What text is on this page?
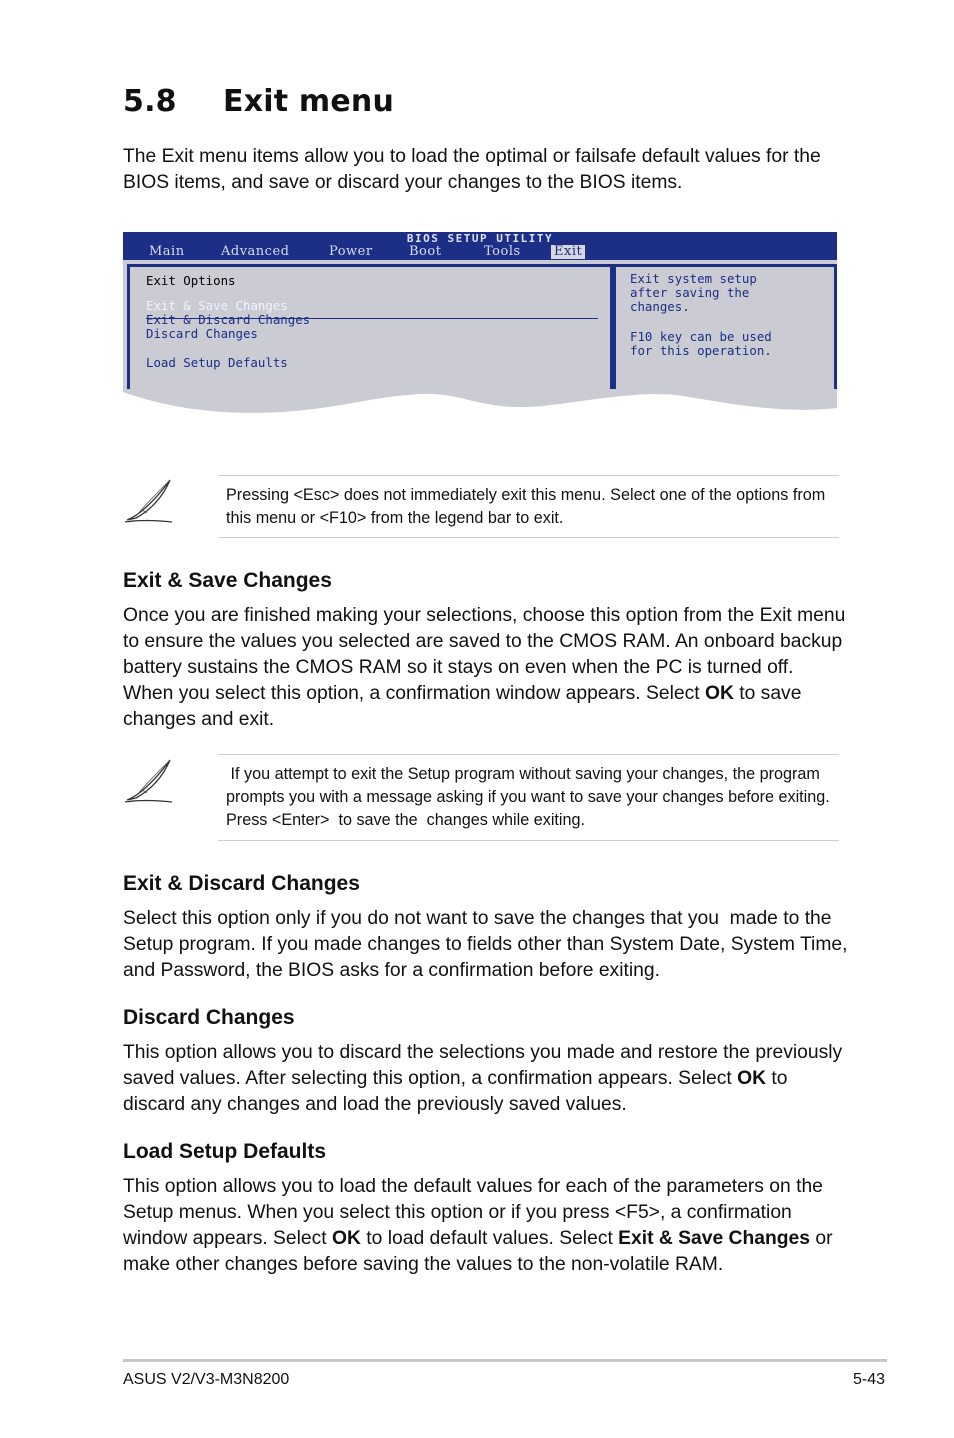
5.8 Exit menu

The Exit menu items allow you to load the optimal or failsafe default values for the BIOS items, and save or discard your changes to the BIOS items.

BIOS SETUP UTILITY
Main	Advanced	Power	Boot	Tools	Exit
Exit Options
Exit & Save Changes
Exit & Discard Changes
Discard Changes
Load Setup Defaults
Exit system setup
after saving the
changes.
F10 key can be used
for this operation.

Pressing <Esc> does not immediately exit this menu. Select one of the options from this menu or <F10> from the legend bar to exit.

Exit & Save Changes

Once you are finished making your selections, choose this option from the Exit menu to ensure the values you selected are saved to the CMOS RAM. An onboard backup battery sustains the CMOS RAM so it stays on even when the PC is turned off. When you select this option, a confirmation window appears. Select OK to save changes and exit.

If you attempt to exit the Setup program without saving your changes, the program prompts you with a message asking if you want to save your changes before exiting. Press <Enter>  to save the  changes while exiting.

Exit & Discard Changes

Select this option only if you do not want to save the changes that you  made to the Setup program. If you made changes to fields other than System Date, System Time, and Password, the BIOS asks for a confirmation before exiting.

Discard Changes

This option allows you to discard the selections you made and restore the previously saved values. After selecting this option, a confirmation appears. Select OK to discard any changes and load the previously saved values.

Load Setup Defaults

This option allows you to load the default values for each of the parameters on the Setup menus. When you select this option or if you press <F5>, a confirmation window appears. Select OK to load default values. Select Exit & Save Changes or make other changes before saving the values to the non-volatile RAM.

ASUS V2/V3-M3N8200	5-43
